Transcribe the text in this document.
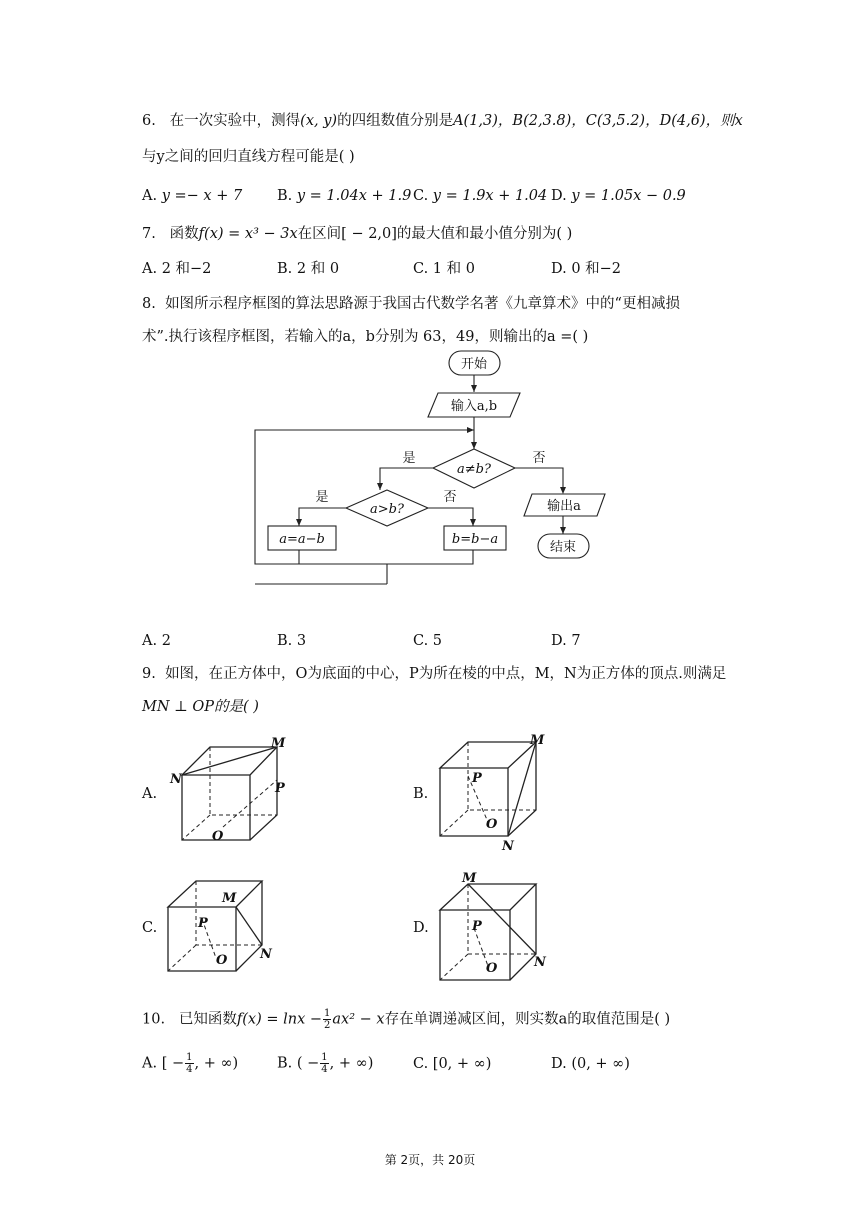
6. 在一次实验中，测得(x, y)的四组数值分别是A(1,3)，B(2,3.8)，C(3,5.2)，D(4,6)，则x
与y之间的回归直线方程可能是( )
A. y =− x + 7 B. y = 1.04x + 1.9 C. y = 1.9x + 1.04 D. y = 1.05x − 0.9
7. 函数f(x) = x³ − 3x在区间[ − 2,0]的最大值和最小值分别为( )
A. 2 和−2	B. 2 和 0	C. 1 和 0	D. 0 和−2
8. 如图所示程序框图的算法思路源于我国古代数学名著《九章算术》中的“更相减损
术”.执行该程序框图，若输入的a，b分别为 63，49，则输出的a =( )
开始
输入a,b
a≠b?
是	否
a>b?
是	否
a=a−b	b=b−a
输出a
结束
A. 2	B. 3	C. 5	D. 7
9. 如图，在正方体中，O为底面的中心，P为所在棱的中点，M，N为正方体的顶点.则满足
MN ⊥ OP的是( )
A.	B.
C.	D.
N
M
P
O
M
P
O
N
M
P
O	N
M
P
O	N
10. 已知函数$f(x) = \ln x - \frac{1}{2} ax^2 - x$存在单调递减区间，则实数a的取值范围是( )
A. [ − $\frac{1}{4}$ , + ∞)	B. ( − $\frac{1}{4}$ , + ∞)	C. [0, + ∞)	D. (0, + ∞)
第 2页，共 20页
